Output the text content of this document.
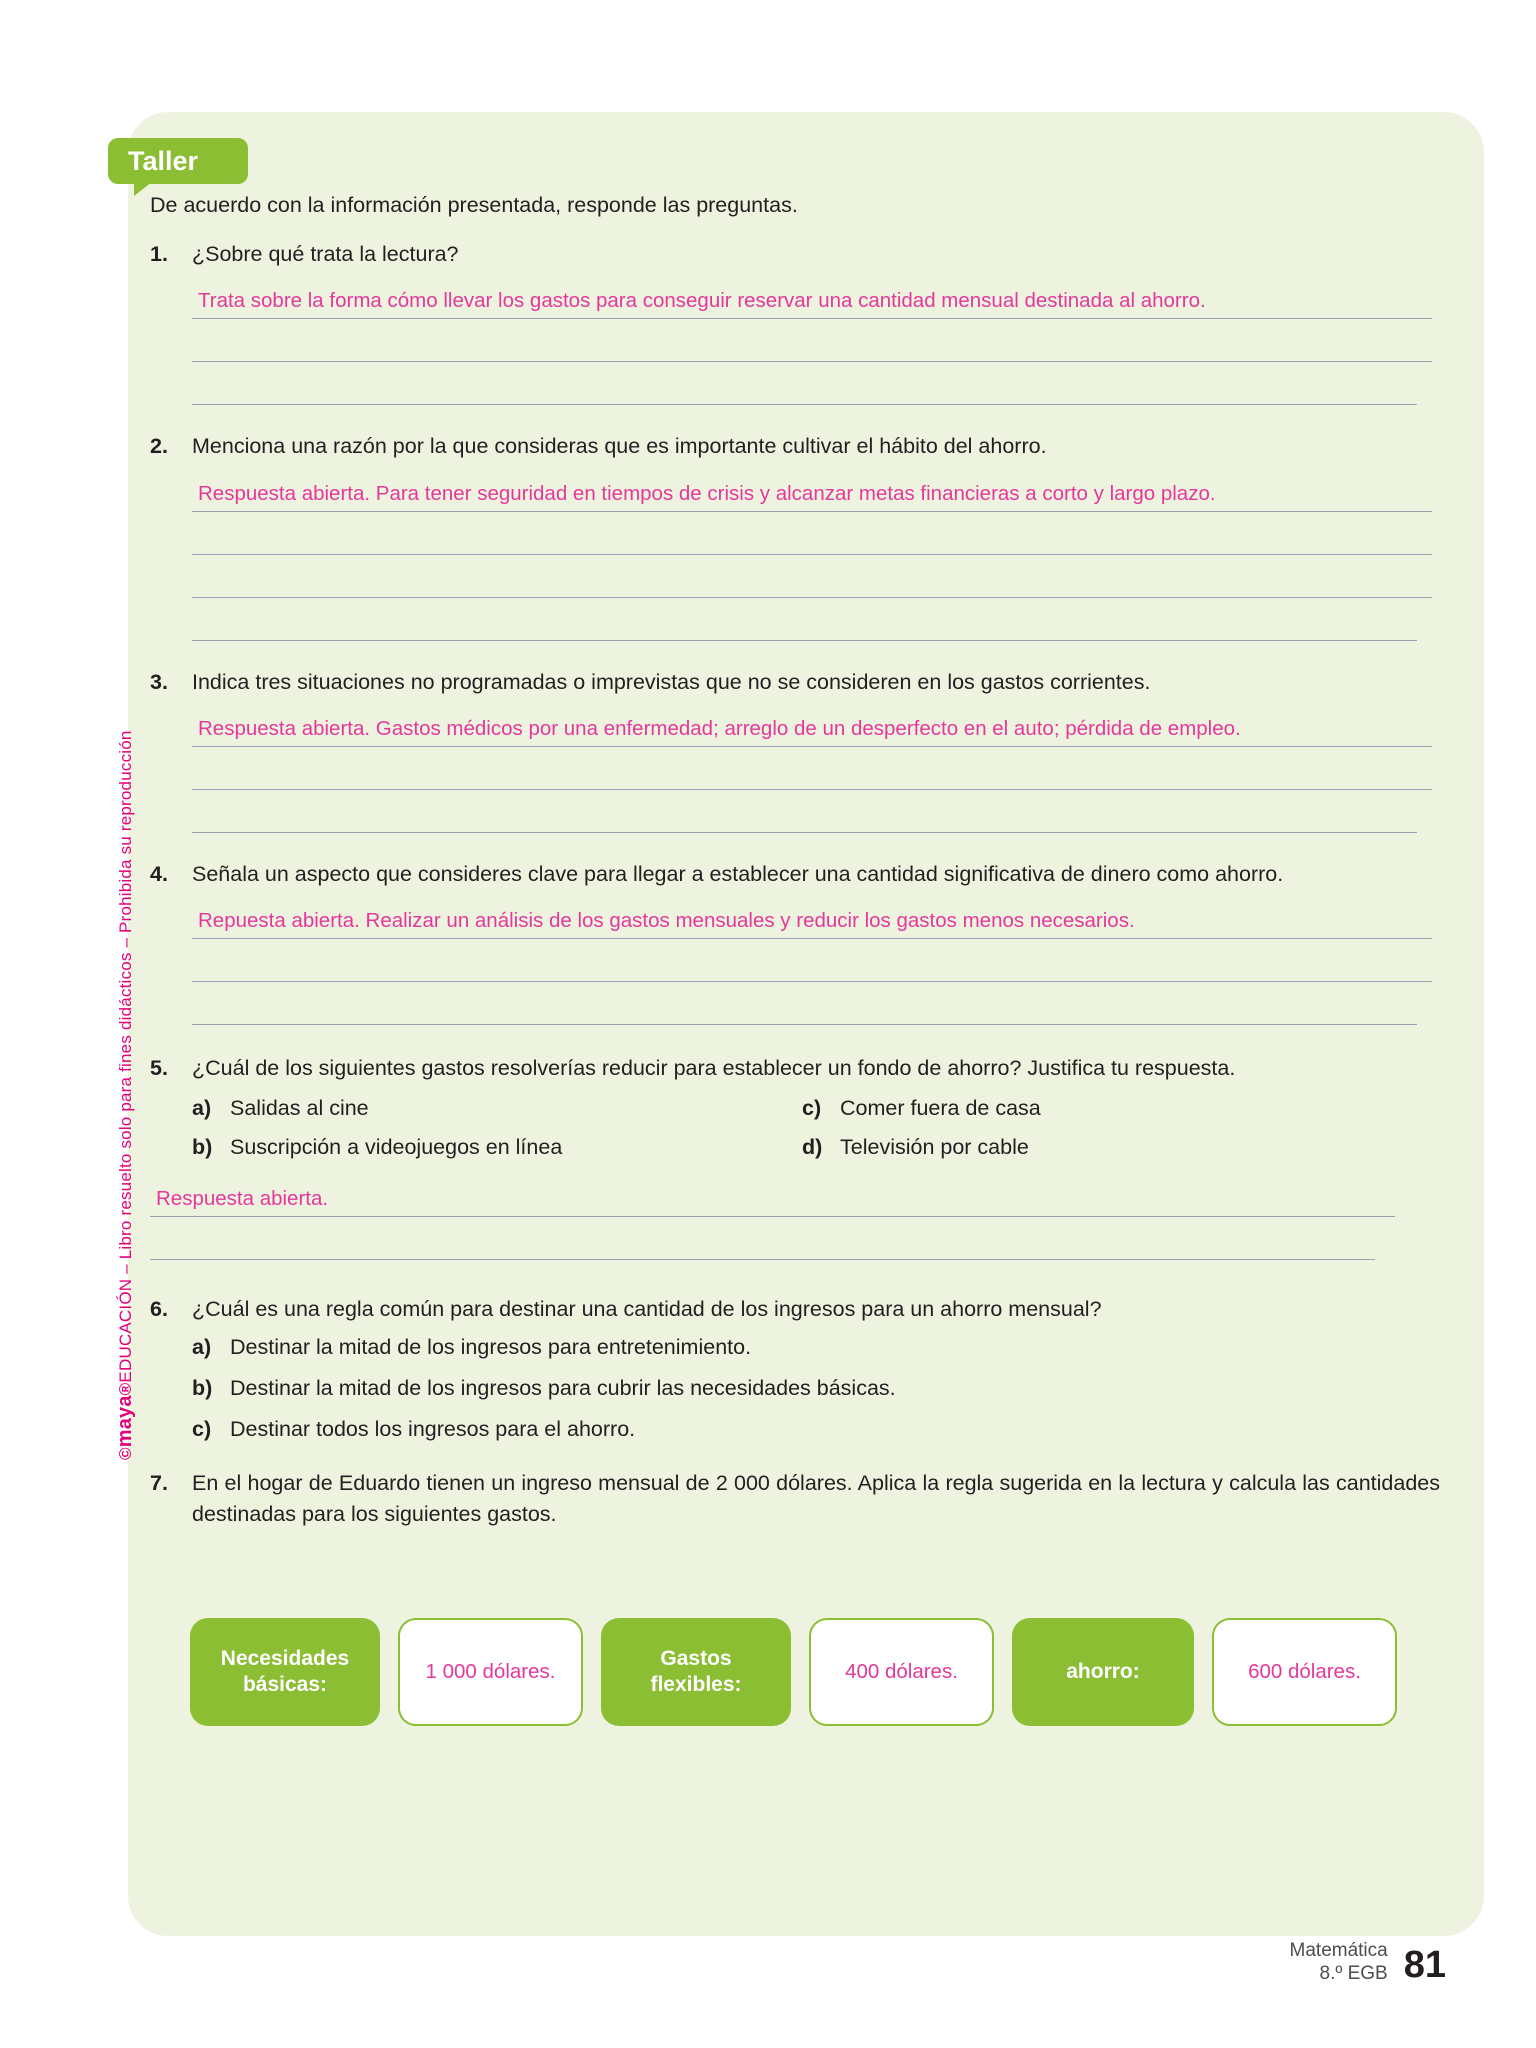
Taller
©maya®EDUCACIÓN – Libro resuelto solo para fines didácticos – Prohibida su reproducción

De acuerdo con la información presentada, responde las preguntas.

1.	¿Sobre qué trata la lectura?
Trata sobre la forma cómo llevar los gastos para conseguir reservar una cantidad mensual destinada al ahorro.
2.	Menciona una razón por la que consideras que es importante cultivar el hábito del ahorro.
Respuesta abierta. Para tener seguridad en tiempos de crisis y alcanzar metas financieras a corto y largo plazo.
3.	Indica tres situaciones no programadas o imprevistas que no se consideren en los gastos corrientes.
Respuesta abierta. Gastos médicos por una enfermedad; arreglo de un desperfecto en el auto; pérdida de empleo.
4.	Señala un aspecto que consideres clave para llegar a establecer una cantidad significativa de dinero como ahorro.
Repuesta abierta. Realizar un análisis de los gastos mensuales y reducir los gastos menos necesarios.
5.	¿Cuál de los siguientes gastos resolverías reducir para establecer un fondo de ahorro? Justifica tu respuesta.
a) Salidas al cine	c) Comer fuera de casa
b) Suscripción a videojuegos en línea	d) Televisión por cable
Respuesta abierta.
6.	¿Cuál es una regla común para destinar una cantidad de los ingresos para un ahorro mensual?
a) Destinar la mitad de los ingresos para entretenimiento.
b) Destinar la mitad de los ingresos para cubrir las necesidades básicas.
c) Destinar todos los ingresos para el ahorro.
7.	En el hogar de Eduardo tienen un ingreso mensual de 2 000 dólares. Aplica la regla sugerida en la lectura y calcula las cantidades destinadas para los siguientes gastos.
Necesidades básicas:
1 000 dólares.
Gastos flexibles:
400 dólares.	ahorro:	600 dólares.
Matemática
8.º EGB 81
